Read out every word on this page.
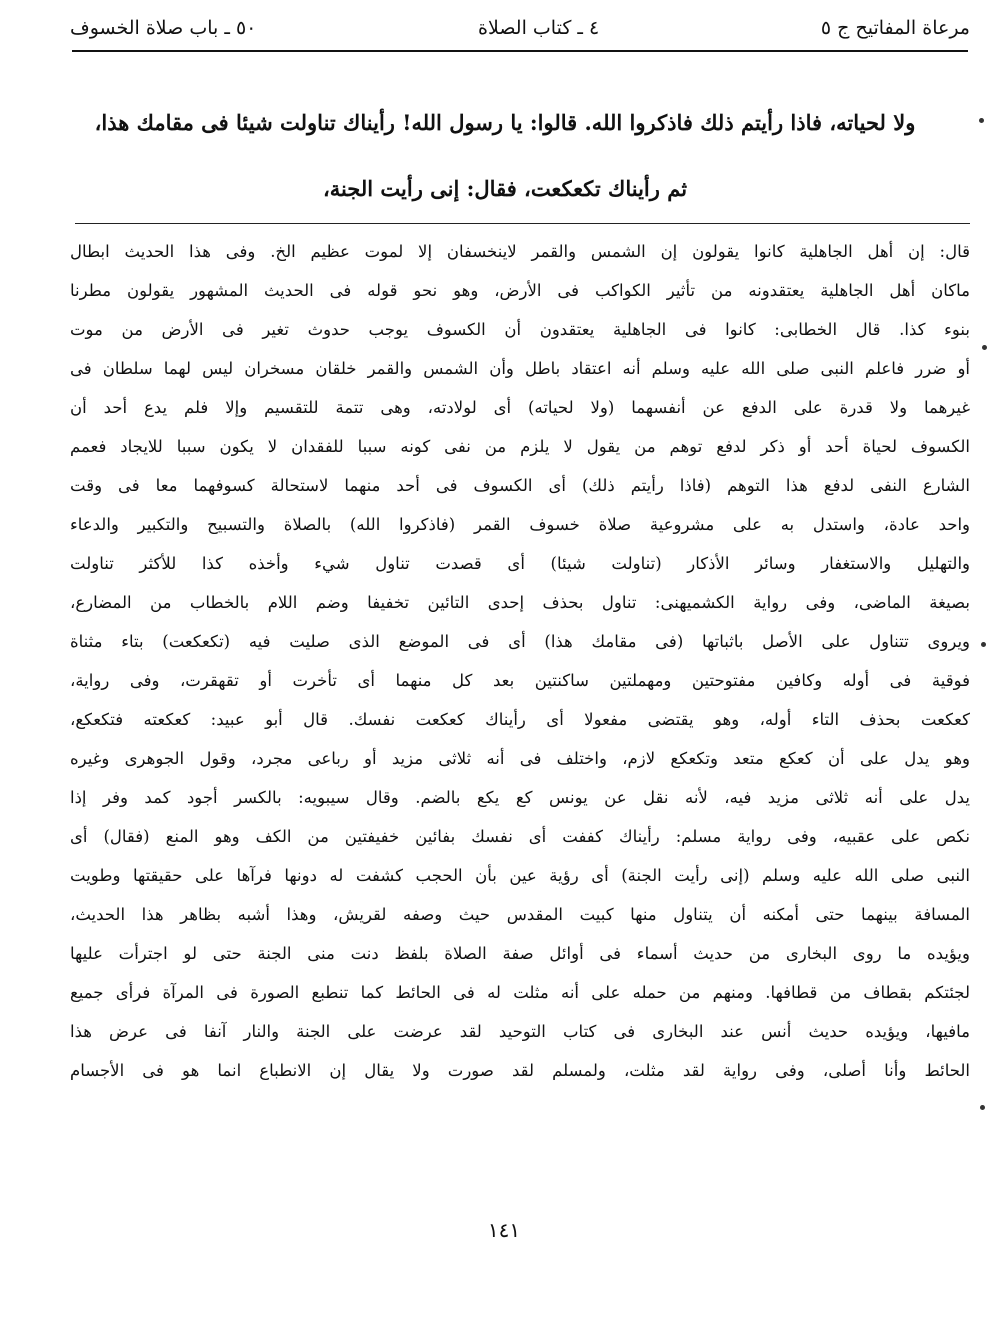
مرعاة المفاتيح ج ٥
٤ ـ كتاب الصلاة
٥٠ ـ باب صلاة الخسوف
ولا لحياته، فاذا رأيتم ذلك فاذكروا الله. قالوا: يا رسول الله! رأيناك تناولت شيئا فى مقامك هذا،
ثم رأيناك تكعكعت، فقال: إنى رأيت الجنة،
قال: إن أهل الجاهلية كانوا يقولون إن الشمس والقمر لاينخسفان إلا لموت عظيم الخ. وفى هذا الحديث ابطال
ماكان أهل الجاهلية يعتقدونه من تأثير الكواكب فى الأرض، وهو نحو قوله فى الحديث المشهور يقولون مطرنا
بنوء كذا. قال الخطابى: كانوا فى الجاهلية يعتقدون أن الكسوف يوجب حدوث تغير فى الأرض من موت
أو ضرر فاعلم النبى صلى الله عليه وسلم أنه اعتقاد باطل وأن الشمس والقمر خلقان مسخران ليس لهما سلطان فى
غيرهما ولا قدرة على الدفع عن أنفسهما (ولا لحياته) أى لولادته، وهى تتمة للتقسيم وإلا فلم يدع أحد أن
الكسوف لحياة أحد أو ذكر لدفع توهم من يقول لا يلزم من نفى كونه سببا للفقدان لا يكون سببا للايجاد فعمم
الشارع النفى لدفع هذا التوهم (فاذا رأيتم ذلك) أى الكسوف فى أحد منهما لاستحالة كسوفهما معا فى وقت
واحد عادة، واستدل به على مشروعية صلاة خسوف القمر (فاذكروا الله) بالصلاة والتسبيح والتكبير والدعاء
والتهليل والاستغفار وسائر الأذكار (تناولت شيئا) أى قصدت تناول شيء وأخذه كذا للأكثر تناولت
بصيغة الماضى، وفى رواية الكشميهنى: تناول بحذف إحدى التائين تخفيفا وضم اللام بالخطاب من المضارع،
ويروى تتناول على الأصل باثباتها (فى مقامك هذا) أى فى الموضع الذى صليت فيه (تكعكعت) بتاء مثناة
فوقية فى أوله وكافين مفتوحتين ومهملتين ساكنتين بعد كل منهما أى تأخرت أو تقهقرت، وفى رواية،
كعكعت بحذف التاء أوله، وهو يقتضى مفعولا أى رأيناك كعكعت نفسك. قال أبو عبيد: كعكعته فتكعكع،
وهو يدل على أن كعكع متعد وتكعكع لازم، واختلف فى أنه ثلاثى مزيد أو رباعى مجرد، وقول الجوهرى وغيره
يدل على أنه ثلاثى مزيد فيه، لأنه نقل عن يونس كع يكع بالضم. وقال سيبويه: بالكسر أجود كمد وفر إذا
نكص على عقبيه، وفى رواية مسلم: رأيناك كففت أى نفسك بفائين خفيفتين من الكف وهو المنع (فقال) أى
النبى صلى الله عليه وسلم (إنى رأيت الجنة) أى رؤية عين بأن الحجب كشفت له دونها فرآها على حقيقتها وطويت
المسافة بينهما حتى أمكنه أن يتناول منها كبيت المقدس حيث وصفه لقريش، وهذا أشبه بظاهر هذا الحديث،
ويؤيده ما روى البخارى من حديث أسماء فى أوائل صفة الصلاة بلفظ دنت منى الجنة حتى لو اجترأت عليها
لجئتكم بقطاف من قطافها. ومنهم من حمله على أنه مثلت له فى الحائط كما تنطبع الصورة فى المرآة فرأى جميع
مافيها، ويؤيده حديث أنس عند البخارى فى كتاب التوحيد لقد عرضت على الجنة والنار آنفا فى عرض هذا
الحائط وأنا أصلى، وفى رواية لقد مثلت، ولمسلم لقد صورت ولا يقال إن الانطباع انما هو فى الأجسام
١٤١
